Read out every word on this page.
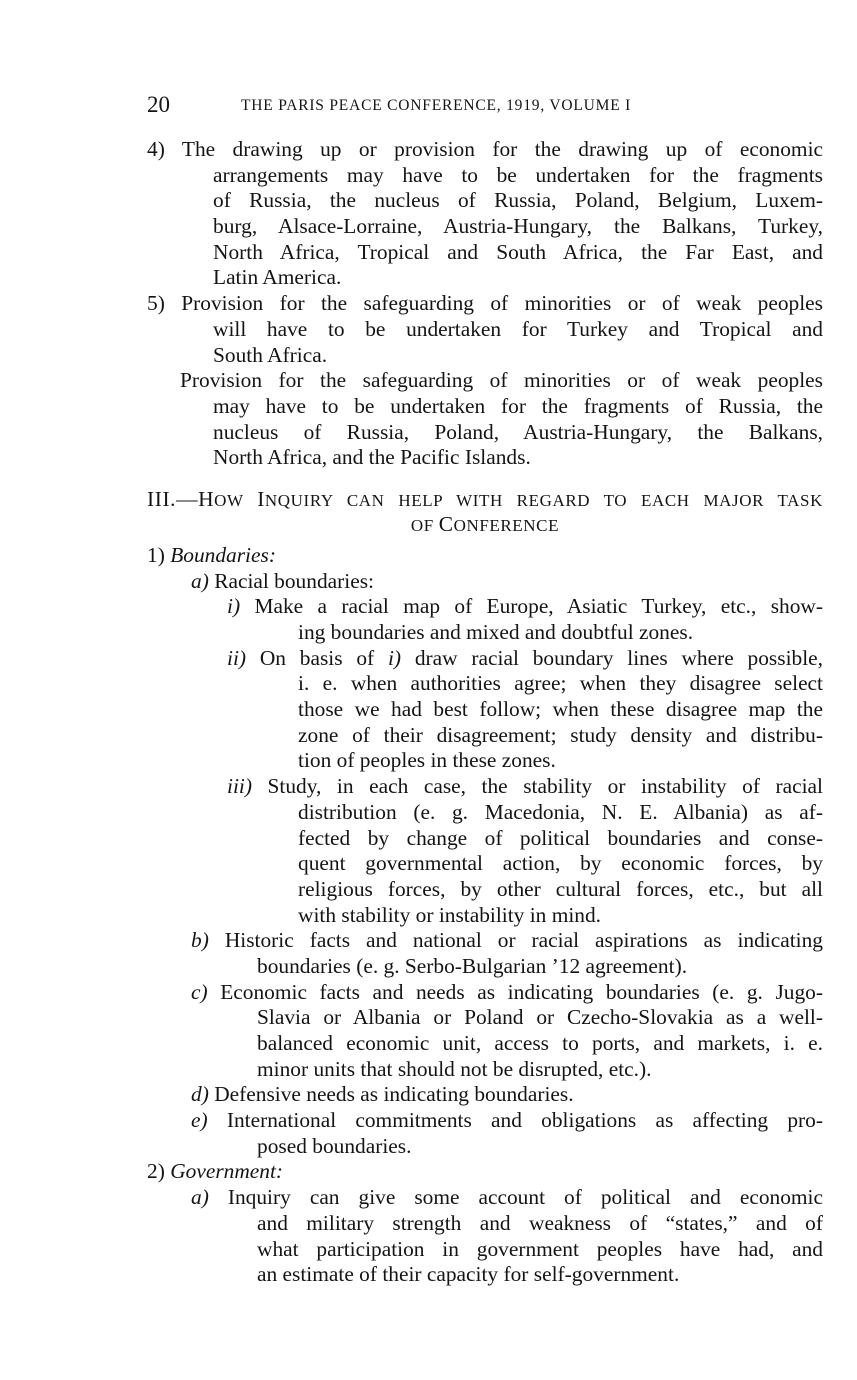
20	THE PARIS PEACE CONFERENCE, 1919, VOLUME I
4) The drawing up or provision for the drawing up of economic
arrangements may have to be undertaken for the fragments
of Russia, the nucleus of Russia, Poland, Belgium, Luxem-
burg, Alsace-Lorraine, Austria-Hungary, the Balkans, Turkey,
North Africa, Tropical and South Africa, the Far East, and
Latin America.
5) Provision for the safeguarding of minorities or of weak peoples
will have to be undertaken for Turkey and Tropical and
South Africa.
Provision for the safeguarding of minorities or of weak peoples
may have to be undertaken for the fragments of Russia, the
nucleus of Russia, Poland, Austria-Hungary, the Balkans,
North Africa, and the Pacific Islands.
III.—HOW INQUIRY CAN HELP WITH REGARD TO EACH MAJOR TASK
OF CONFERENCE
1) Boundaries:
a) Racial boundaries:
i) Make a racial map of Europe, Asiatic Turkey, etc., show-
ing boundaries and mixed and doubtful zones.
ii) On basis of i) draw racial boundary lines where possible,
i. e. when authorities agree; when they disagree select
those we had best follow; when these disagree map the
zone of their disagreement; study density and distribu-
tion of peoples in these zones.
iii) Study, in each case, the stability or instability of racial
distribution (e. g. Macedonia, N. E. Albania) as af-
fected by change of political boundaries and conse-
quent governmental action, by economic forces, by
religious forces, by other cultural forces, etc., but all
with stability or instability in mind.
b) Historic facts and national or racial aspirations as indicating
boundaries (e. g. Serbo-Bulgarian ’12 agreement).
c) Economic facts and needs as indicating boundaries (e. g. Jugo-
Slavia or Albania or Poland or Czecho-Slovakia as a well-
balanced economic unit, access to ports, and markets, i. e.
minor units that should not be disrupted, etc.).
d) Defensive needs as indicating boundaries.
e) International commitments and obligations as affecting pro-
posed boundaries.
2) Government:
a) Inquiry can give some account of political and economic
and military strength and weakness of “states,” and of
what participation in government peoples have had, and
an estimate of their capacity for self-government.
